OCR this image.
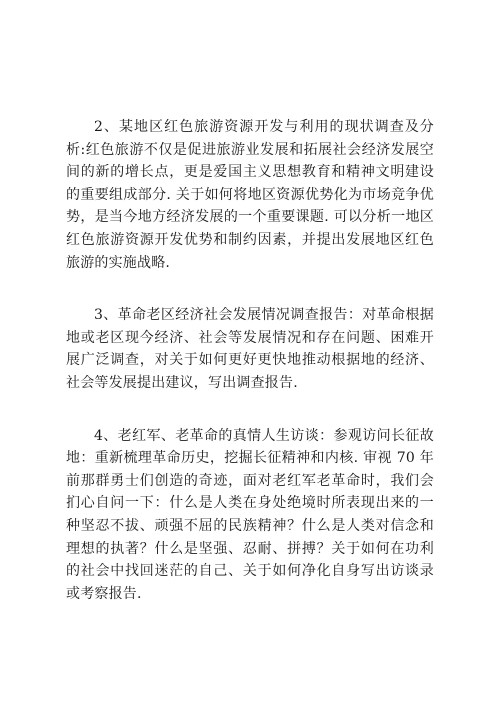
2、某地区红色旅游资源开发与利用的现状调查及分析:红色旅游不仅是促进旅游业发展和拓展社会经济发展空间的新的增长点，更是爱国主义思想教育和精神文明建设的重要组成部分. 关于如何将地区资源优势化为市场竞争优势，是当今地方经济发展的一个重要课题. 可以分析一地区红色旅游资源开发优势和制约因素，并提出发展地区红色旅游的实施战略.

3、革命老区经济社会发展情况调查报告：对革命根据地或老区现今经济、社会等发展情况和存在问题、困难开展广泛调查，对关于如何更好更快地推动根据地的经济、社会等发展提出建议，写出调查报告.

4、老红军、老革命的真情人生访谈：参观访问长征故地：重新梳理革命历史，挖掘长征精神和内核. 审视 70 年前那群勇士们创造的奇迹，面对老红军老革命时，我们会扪心自问一下：什么是人类在身处绝境时所表现出来的一种坚忍不拔、顽强不屈的民族精神？什么是人类对信念和理想的执著？什么是坚强、忍耐、拼搏？关于如何在功利的社会中找回迷茫的自己、关于如何净化自身写出访谈录或考察报告.
